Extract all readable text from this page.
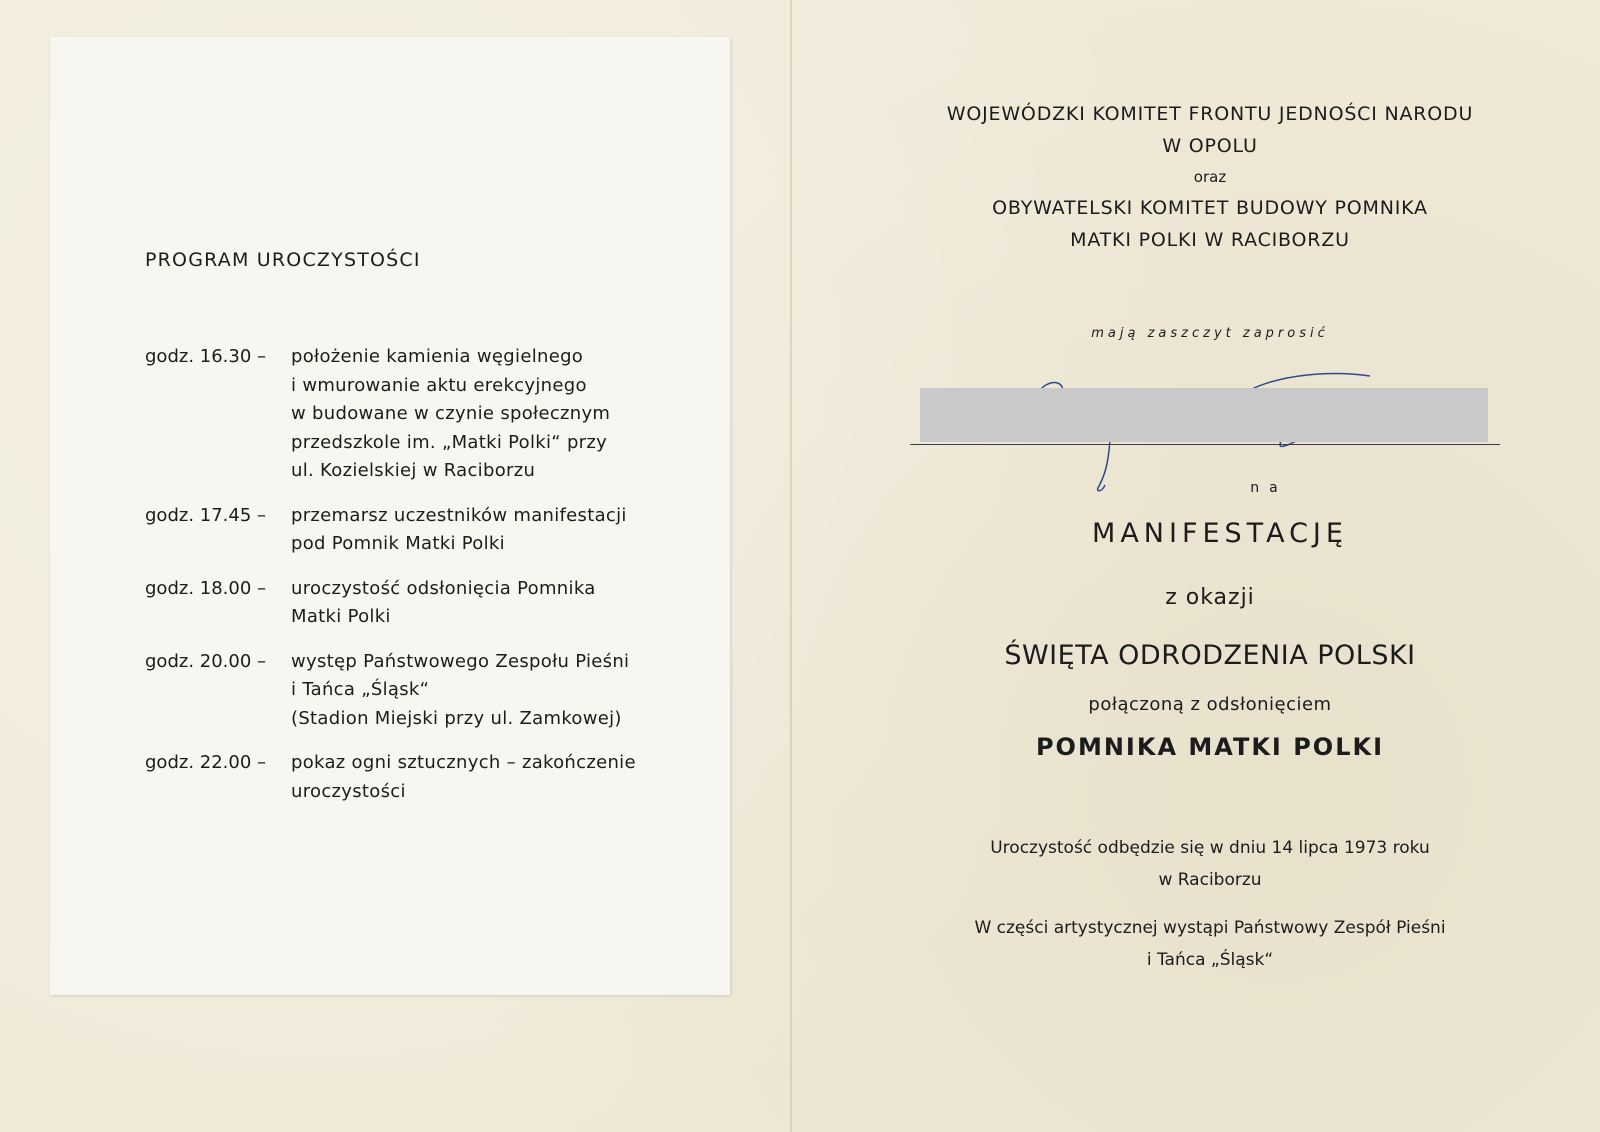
PROGRAM UROCZYSTOŚCI
godz. 16.30 –	położenie kamienia węgielnego
i wmurowanie aktu erekcyjnego
w budowane w czynie społecznym
przedszkole im. „Matki Polki“ przy
ul. Kozielskiej w Raciborzu
godz. 17.45 –	przemarsz uczestników manifestacji
pod Pomnik Matki Polki
godz. 18.00 –	uroczystość odsłonięcia Pomnika
Matki Polki
godz. 20.00 –	występ Państwowego Zespołu Pieśni
i Tańca „Śląsk“
(Stadion Miejski przy ul. Zamkowej)
godz. 22.00 –	pokaz ogni sztucznych – zakończenie
uroczystości
WOJEWÓDZKI KOMITET FRONTU JEDNOŚCI NARODU
W OPOLU
oraz
OBYWATELSKI KOMITET BUDOWY POMNIKA
MATKI POLKI W RACIBORZU
mają zaszczyt zaprosić
na
MANIFESTACJĘ
z okazji
ŚWIĘTA ODRODZENIA POLSKI
połączoną z odsłonięciem
POMNIKA MATKI POLKI
Uroczystość odbędzie się w dniu 14 lipca 1973 roku
w Raciborzu
W części artystycznej wystąpi Państwowy Zespół Pieśni
i Tańca „Śląsk“
